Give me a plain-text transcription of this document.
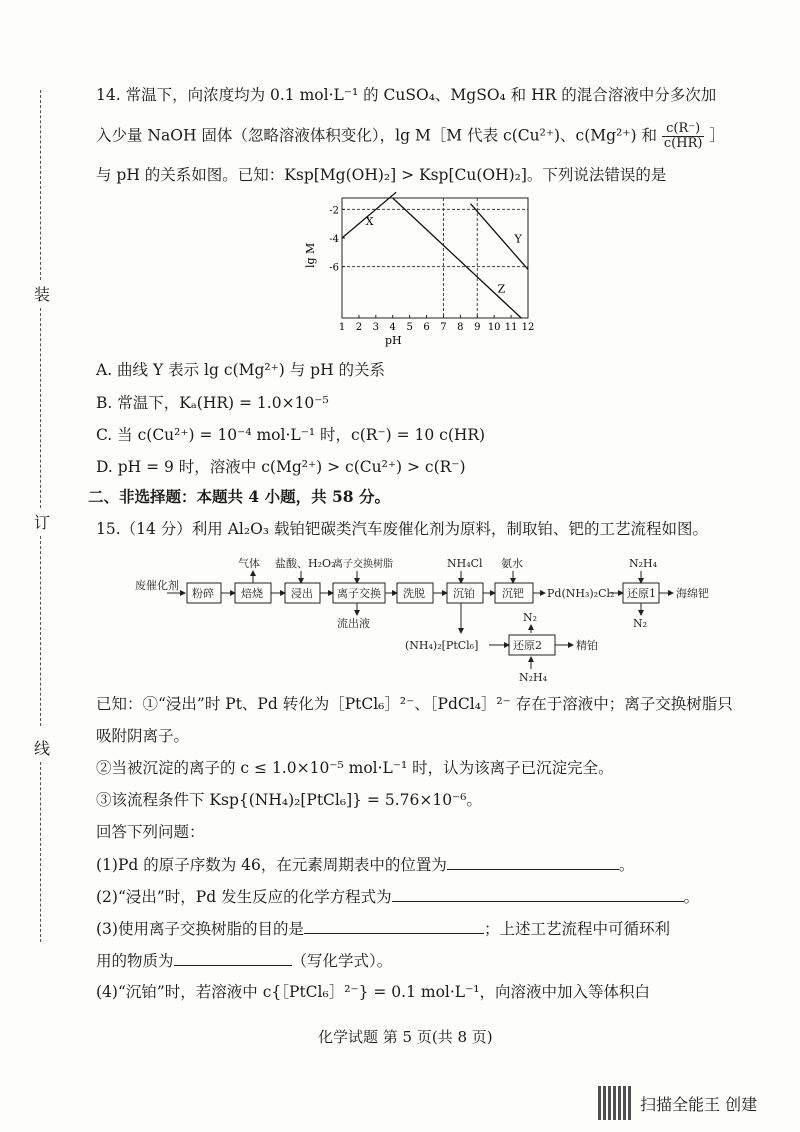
装
订
线
14. 常温下，向浓度均为 0.1 mol·L⁻¹ 的 CuSO₄、MgSO₄ 和 HR 的混合溶液中分多次加
入少量 NaOH 固体（忽略溶液体积变化），lg M［M 代表 c(Cu²⁺)、c(Mg²⁺) 和 $\frac{c(R^-)}{c(HR)}$ ］
与 pH 的关系如图。已知：Ksp[Mg(OH)₂] > Ksp[Cu(OH)₂]。下列说法错误的是
1 2 3 4 5 6 7 8 9 10 11 12
-2
-4
-6
X
Y
Z
pH
lg M
A. 曲线 Y 表示 lg c(Mg²⁺) 与 pH 的关系
B. 常温下，Kₐ(HR) = 1.0×10⁻⁵
C. 当 c(Cu²⁺) = 10⁻⁴ mol·L⁻¹ 时，c(R⁻) = 10 c(HR)
D. pH = 9 时，溶液中 c(Mg²⁺) > c(Cu²⁺) > c(R⁻)
二、非选择题：本题共 4 小题，共 58 分。
15.（14 分）利用 Al₂O₃ 载铂钯碳类汽车废催化剂为原料，制取铂、钯的工艺流程如图。
废催化剂
粉碎 焙烧	浸出 离子交换 洗脱	沉铂 沉钯	还原1
还原2
气体 盐酸、H₂O₂
离子交换树脂	NH₄Cl 氨水	N₂H₄
N₂
N₂H₄
N₂
流出液
Pd(NH₃)₂Cl₂
(NH₄)₂[PtCl₆]
海绵钯
精铂
已知：①“浸出”时 Pt、Pd 转化为［PtCl₆］²⁻、［PdCl₄］²⁻ 存在于溶液中；离子交换树脂只
吸附阴离子。
②当被沉淀的离子的 c ≤ 1.0×10⁻⁵ mol·L⁻¹ 时，认为该离子已沉淀完全。
③该流程条件下 Ksp{(NH₄)₂[PtCl₆]} = 5.76×10⁻⁶。
回答下列问题：
(1)Pd 的原子序数为 46，在元素周期表中的位置为	。
(2)“浸出”时，Pd 发生反应的化学方程式为	。
(3)使用离子交换树脂的目的是	；上述工艺流程中可循环利
用的物质为	（写化学式）。
(4)“沉铂”时，若溶液中 c{［PtCl₆］²⁻} = 0.1 mol·L⁻¹，向溶液中加入等体积白
化学试题 第 5 页(共 8 页)
扫描全能王 创建
